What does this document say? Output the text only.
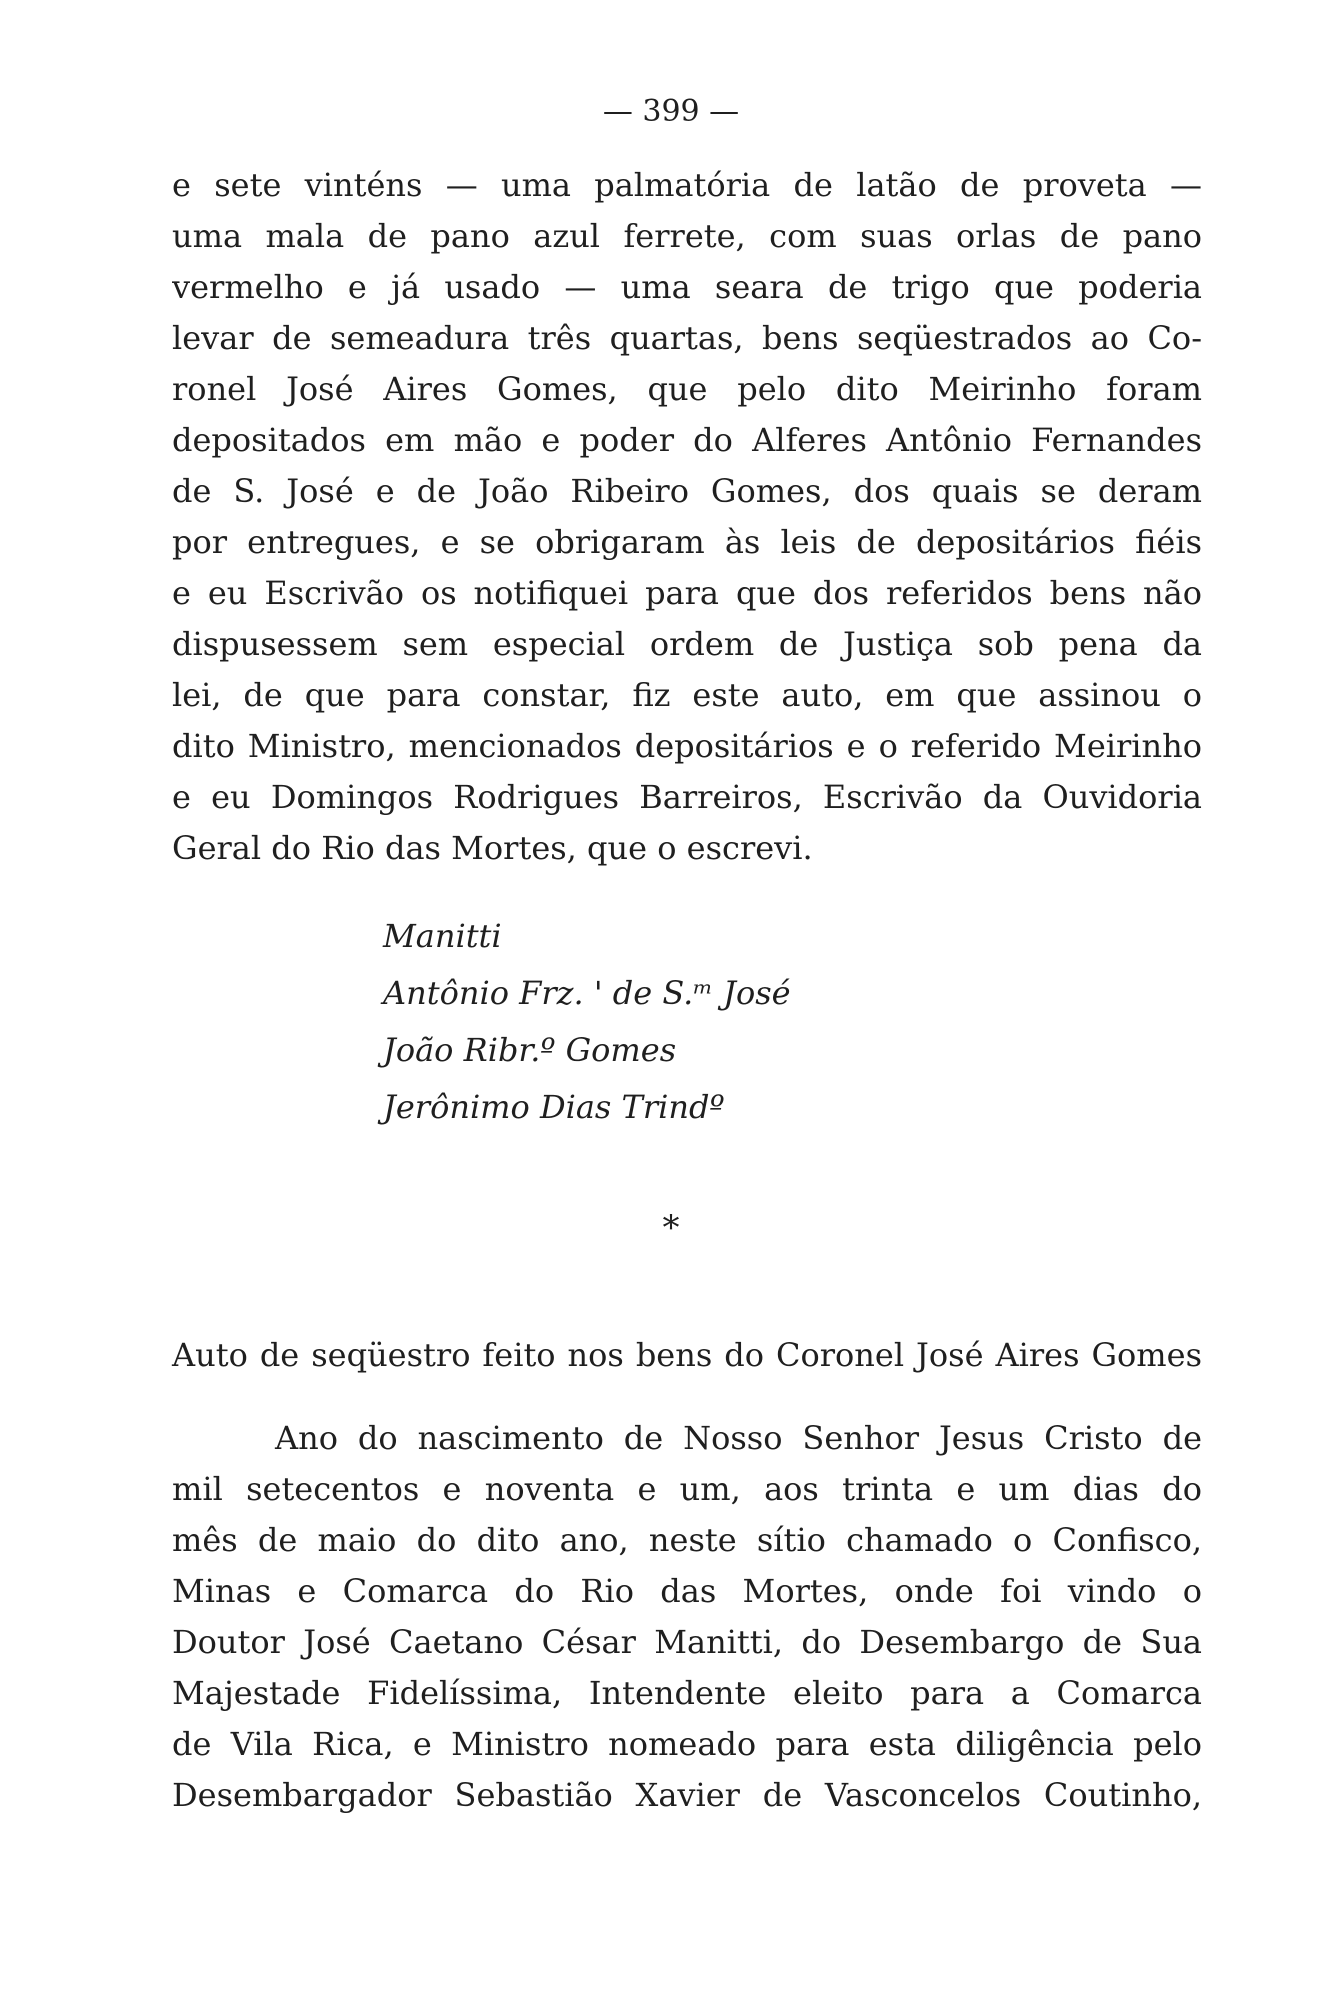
— 399 —
e sete vinténs — uma palmatória de latão de proveta —
uma mala de pano azul ferrete, com suas orlas de pano
vermelho e já usado — uma seara de trigo que poderia
levar de semeadura três quartas, bens seqüestrados ao Co-
ronel José Aires Gomes, que pelo dito Meirinho foram
depositados em mão e poder do Alferes Antônio Fernandes
de S. José e de João Ribeiro Gomes, dos quais se deram
por entregues, e se obrigaram às leis de depositários fiéis
e eu Escrivão os notifiquei para que dos referidos bens não
dispusessem sem especial ordem de Justiça sob pena da
lei, de que para constar, fiz este auto, em que assinou o
dito Ministro, mencionados depositários e o referido Meirinho
e eu Domingos Rodrigues Barreiros, Escrivão da Ouvidoria
Geral do Rio das Mortes, que o escrevi.
Manitti
Antônio Frz. ' de S.ᵐ José
João Ribr.º Gomes
Jerônimo Dias Trindº
*
Auto de seqüestro feito nos bens do Coronel José Aires Gomes
Ano do nascimento de Nosso Senhor Jesus Cristo de
mil setecentos e noventa e um, aos trinta e um dias do
mês de maio do dito ano, neste sítio chamado o Confisco,
Minas e Comarca do Rio das Mortes, onde foi vindo o
Doutor José Caetano César Manitti, do Desembargo de Sua
Majestade Fidelíssima, Intendente eleito para a Comarca
de Vila Rica, e Ministro nomeado para esta diligência pelo
Desembargador Sebastião Xavier de Vasconcelos Coutinho,
